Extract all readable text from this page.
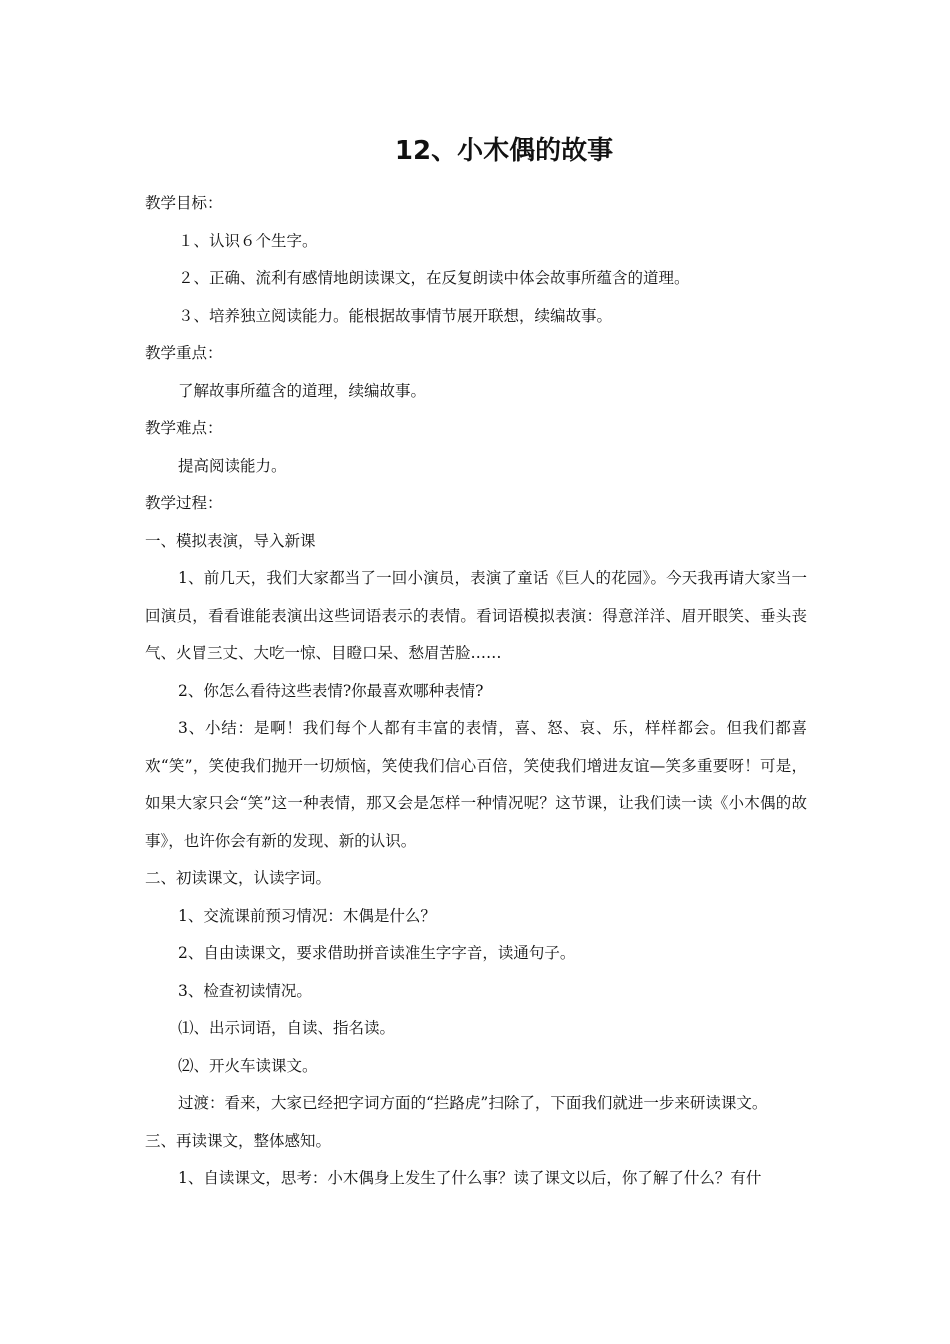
12、小木偶的故事

教学目标：

１、认识６个生字。

２、正确、流利有感情地朗读课文，在反复朗读中体会故事所蕴含的道理。

３、培养独立阅读能力。能根据故事情节展开联想，续编故事。

教学重点：

了解故事所蕴含的道理，续编故事。

教学难点：

提高阅读能力。

教学过程：

一、模拟表演，导入新课

1、前几天，我们大家都当了一回小演员，表演了童话《巨人的花园》。今天我再请大家当一回演员，看看谁能表演出这些词语表示的表情。看词语模拟表演：得意洋洋、眉开眼笑、垂头丧气、火冒三丈、大吃一惊、目瞪口呆、愁眉苦脸……

2、你怎么看待这些表情?你最喜欢哪种表情?

3、小结：是啊！我们每个人都有丰富的表情，喜、怒、哀、乐，样样都会。但我们都喜欢“笑”，笑使我们抛开一切烦恼，笑使我们信心百倍，笑使我们增进友谊—笑多重要呀！可是，如果大家只会“笑”这一种表情，那又会是怎样一种情况呢？这节课，让我们读一读《小木偶的故事》，也许你会有新的发现、新的认识。

二、初读课文，认读字词。

1、交流课前预习情况：木偶是什么？

2、自由读课文，要求借助拼音读准生字字音，读通句子。

3、检查初读情况。

⑴、出示词语，自读、指名读。

⑵、开火车读课文。

过渡：看来，大家已经把字词方面的“拦路虎”扫除了，下面我们就进一步来研读课文。

三、再读课文，整体感知。

1、自读课文，思考：小木偶身上发生了什么事？读了课文以后，你了解了什么？有什
